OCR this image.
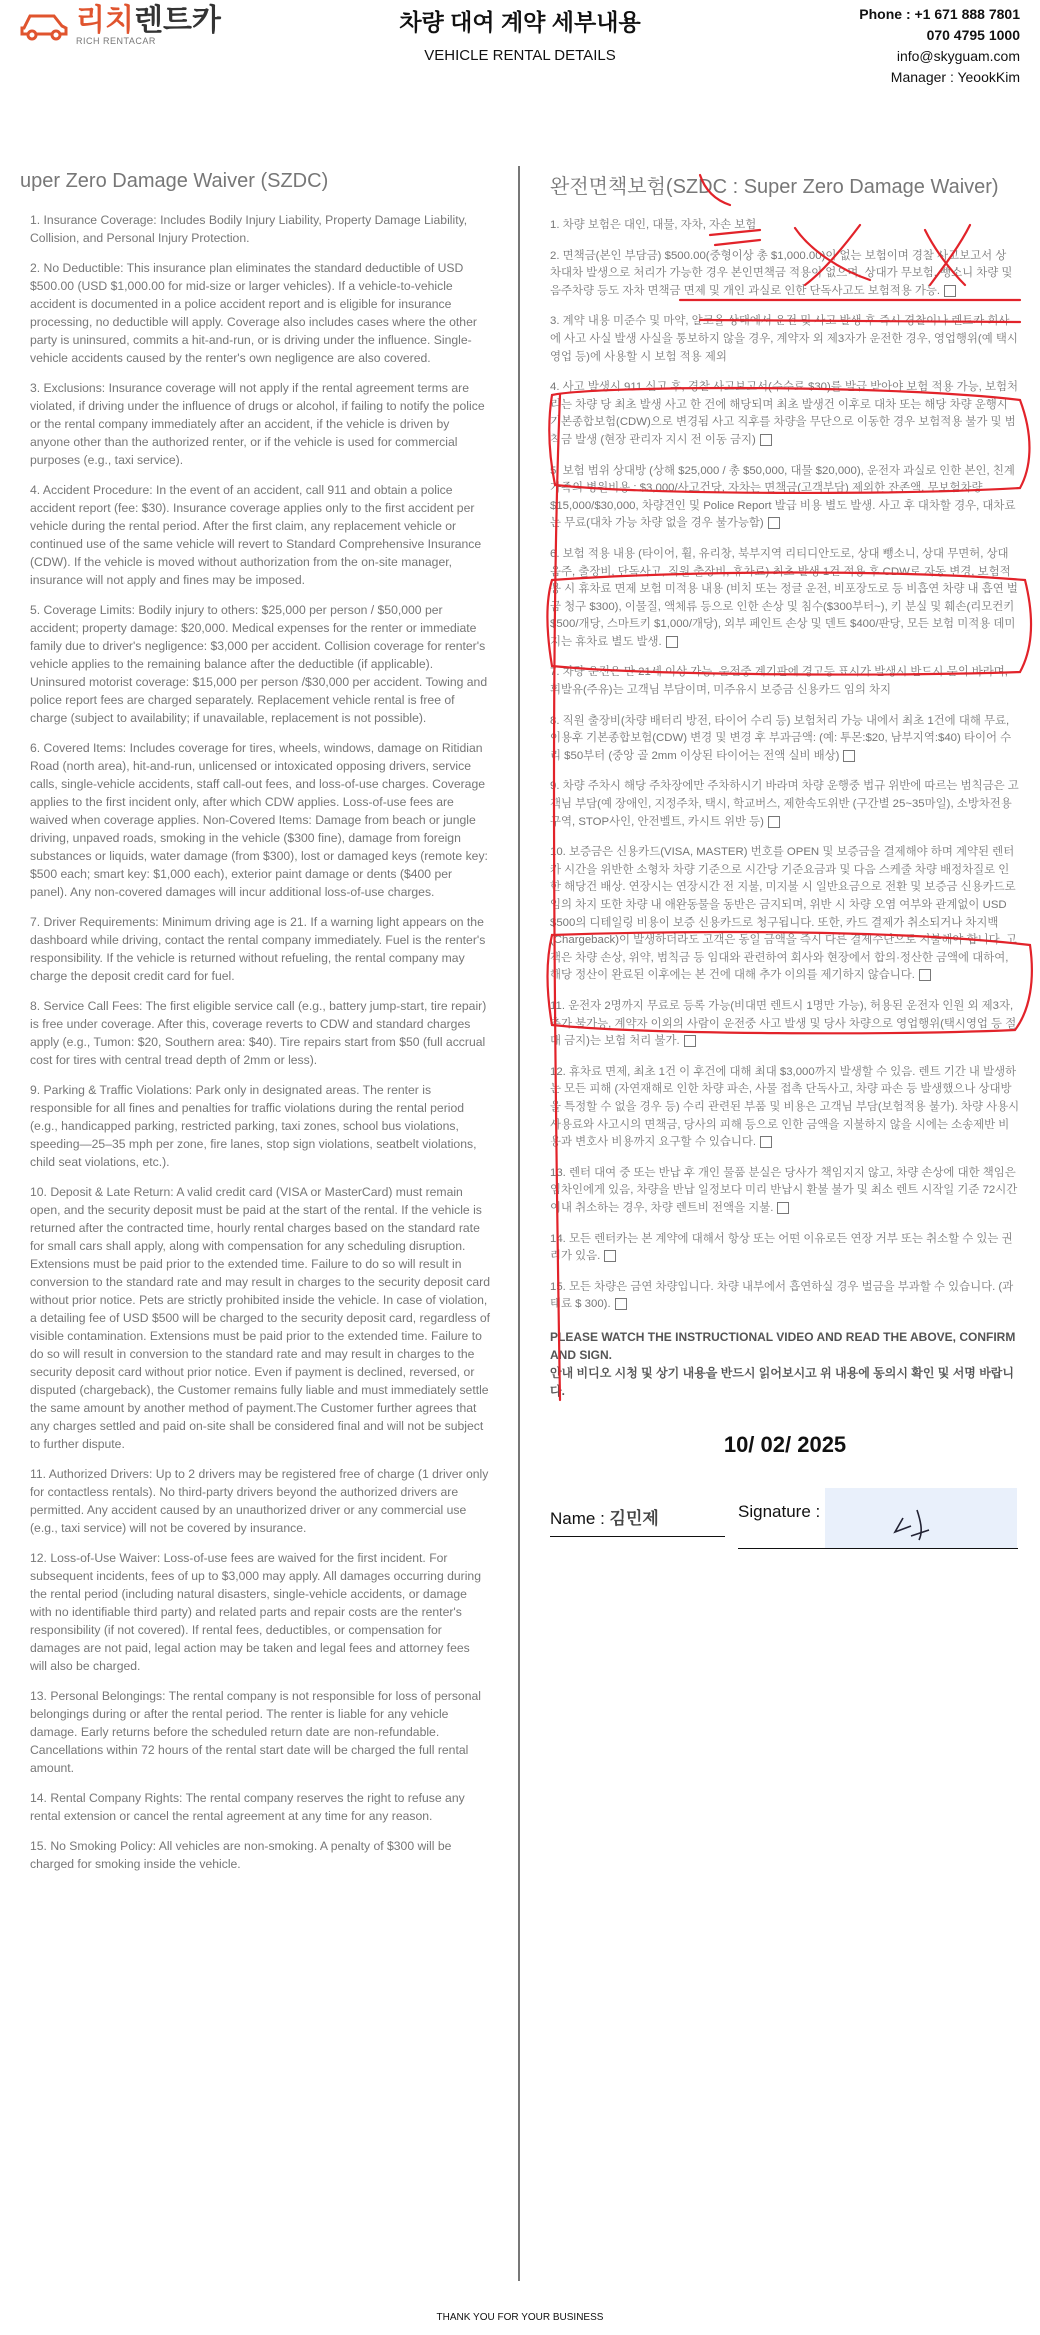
리치렌트카
RICH RENTACAR
차량 대여 계약 세부내용
VEHICLE RENTAL DETAILS
Phone : +1 671 888 7801
070 4795 1000
info@skyguam.com
Manager : YeookKim
uper Zero Damage Waiver (SZDC)

1. Insurance Coverage: Includes Bodily Injury Liability, Property Damage Liability, Collision, and Personal Injury Protection.

2. No Deductible: This insurance plan eliminates the standard deductible of USD $500.00 (USD $1,000.00 for mid-size or larger vehicles). If a vehicle-to-vehicle accident is documented in a police accident report and is eligible for insurance processing, no deductible will apply. Coverage also includes cases where the other party is uninsured, commits a hit-and-run, or is driving under the influence. Single-vehicle accidents caused by the renter's own negligence are also covered.

3. Exclusions: Insurance coverage will not apply if the rental agreement terms are violated, if driving under the influence of drugs or alcohol, if failing to notify the police or the rental company immediately after an accident, if the vehicle is driven by anyone other than the authorized renter, or if the vehicle is used for commercial purposes (e.g., taxi service).

4. Accident Procedure: In the event of an accident, call 911 and obtain a police accident report (fee: $30). Insurance coverage applies only to the first accident per vehicle during the rental period. After the first claim, any replacement vehicle or continued use of the same vehicle will revert to Standard Comprehensive Insurance (CDW). If the vehicle is moved without authorization from the on-site manager, insurance will not apply and fines may be imposed.

5. Coverage Limits: Bodily injury to others: $25,000 per person / $50,000 per accident; property damage: $20,000. Medical expenses for the renter or immediate family due to driver's negligence: $3,000 per accident. Collision coverage for renter's vehicle applies to the remaining balance after the deductible (if applicable). Uninsured motorist coverage: $15,000 per person /$30,000 per accident. Towing and police report fees are charged separately. Replacement vehicle rental is free of charge (subject to availability; if unavailable, replacement is not possible).

6. Covered Items: Includes coverage for tires, wheels, windows, damage on Ritidian Road (north area), hit-and-run, unlicensed or intoxicated opposing drivers, service calls, single-vehicle accidents, staff call-out fees, and loss-of-use charges. Coverage applies to the first incident only, after which CDW applies. Loss-of-use fees are waived when coverage applies. Non-Covered Items: Damage from beach or jungle driving, unpaved roads, smoking in the vehicle ($300 fine), damage from foreign substances or liquids, water damage (from $300), lost or damaged keys (remote key: $500 each; smart key: $1,000 each), exterior paint damage or dents ($400 per panel). Any non-covered damages will incur additional loss-of-use charges.

7. Driver Requirements: Minimum driving age is 21. If a warning light appears on the dashboard while driving, contact the rental company immediately. Fuel is the renter's responsibility. If the vehicle is returned without refueling, the rental company may charge the deposit credit card for fuel.

8. Service Call Fees: The first eligible service call (e.g., battery jump-start, tire repair) is free under coverage. After this, coverage reverts to CDW and standard charges apply (e.g., Tumon: $20, Southern area: $40). Tire repairs start from $50 (full accrual cost for tires with central tread depth of 2mm or less).

9. Parking & Traffic Violations: Park only in designated areas. The renter is responsible for all fines and penalties for traffic violations during the rental period (e.g., handicapped parking, restricted parking, taxi zones, school bus violations, speeding—25–35 mph per zone, fire lanes, stop sign violations, seatbelt violations, child seat violations, etc.).

10. Deposit & Late Return: A valid credit card (VISA or MasterCard) must remain open, and the security deposit must be paid at the start of the rental. If the vehicle is returned after the contracted time, hourly rental charges based on the standard rate for small cars shall apply, along with compensation for any scheduling disruption. Extensions must be paid prior to the extended time. Failure to do so will result in conversion to the standard rate and may result in charges to the security deposit card without prior notice. Pets are strictly prohibited inside the vehicle. In case of violation, a detailing fee of USD $500 will be charged to the security deposit card, regardless of visible contamination. Extensions must be paid prior to the extended time. Failure to do so will result in conversion to the standard rate and may result in charges to the security deposit card without prior notice. Even if payment is declined, reversed, or disputed (chargeback), the Customer remains fully liable and must immediately settle the same amount by another method of payment.The Customer further agrees that any charges settled and paid on-site shall be considered final and will not be subject to further dispute.

11. Authorized Drivers: Up to 2 drivers may be registered free of charge (1 driver only for contactless rentals). No third-party drivers beyond the authorized drivers are permitted. Any accident caused by an unauthorized driver or any commercial use (e.g., taxi service) will not be covered by insurance.

12. Loss-of-Use Waiver: Loss-of-use fees are waived for the first incident. For subsequent incidents, fees of up to $3,000 may apply. All damages occurring during the rental period (including natural disasters, single-vehicle accidents, or damage with no identifiable third party) and related parts and repair costs are the renter's responsibility (if not covered). If rental fees, deductibles, or compensation for damages are not paid, legal action may be taken and legal fees and attorney fees will also be charged.

13. Personal Belongings: The rental company is not responsible for loss of personal belongings during or after the rental period. The renter is liable for any vehicle damage. Early returns before the scheduled return date are non-refundable. Cancellations within 72 hours of the rental start date will be charged the full rental amount.

14. Rental Company Rights: The rental company reserves the right to refuse any rental extension or cancel the rental agreement at any time for any reason.

15. No Smoking Policy: All vehicles are non-smoking. A penalty of $300 will be charged for smoking inside the vehicle.

완전면책보험(SZDC : Super Zero Damage Waiver)

1. 차량 보험은 대인, 대물, 자차, 자손 보험

2. 면책금(본인 부담금) $500.00(중형이상 총 $1,000.00)이 없는 보험이며 경찰 사고보고서 상 차대차 발생으로 처리가 가능한 경우 본인면책금 적용이 없으며, 상대가 무보험, 뺑소니 차량 및 음주차량 등도 자차 면책금 면제 및 개인 과실로 인한 단독사고도 보험적용 가능.

3. 계약 내용 미준수 및 마약, 알코올 상태에서 운전 및 사고 발생 후 즉시 경찰이나 렌트카 회사에 사고 사실 발생 사실을 통보하지 않을 경우, 계약자 외 제3자가 운전한 경우, 영업행위(예 택시영업 등)에 사용할 시 보험 적용 제외

4. 사고 발생시 911 신고 후, 경찰 사고보고서(수수료 $30)를 발급 받아야 보험 적용 가능, 보험처리는 차량 당 최초 발생 사고 한 건에 해당되며 최초 발생건 이후로 대차 또는 해당 차량 운행시 기본종합보험(CDW)으로 변경됨 사고 직후를 차량을 무단으로 이동한 경우 보험적용 불가 및 범칙금 발생 (현장 관리자 지시 전 이동 금지)

5. 보험 범위 상대방 (상해 $25,000 / 총 $50,000, 대물 $20,000), 운전자 과실로 인한 본인, 친계 가족의 병원비용 : $3,000/사고건당, 자차는 면책금(고객부담) 제외한 잔존액, 무보험차량 $15,000/$30,000, 차량견인 및 Police Report 발급 비용 별도 발생. 사고 후 대차할 경우, 대차료는 무료(대차 가능 차량 없을 경우 불가능함)

6. 보험 적용 내용 (타이어, 휠, 유리창, 북부지역 리티디안도로, 상대 뺑소니, 상대 무면허, 상대 음주, 출장비, 단독사고, 직원 출장비, 휴차료) 최초 발생 1건 적용 후 CDW로 자동 변경, 보험적용 시 휴차료 면제 보험 미적용 내용 (비치 또는 정글 운전, 비포장도로 등 비흡연 차량 내 흡연 벌금 청구 $300), 이물질, 액체류 등으로 인한 손상 및 침수($300부터~), 키 분실 및 훼손(리모컨키 $500/개당, 스마트키 $1,000/개당), 외부 페인트 손상 및 덴트 $400/판당, 모든 보험 미적용 데미지는 휴차료 별도 발생.

7. 차량 운전은 만 21세 이상 가능, 운전중 계기판에 경고등 표시가 발생시 반드시 문의 바라며, 휘발유(주유)는 고객님 부담이며, 미주유시 보증금 신용카드 임의 차지

8. 직원 출장비(차량 배터리 방전, 타이어 수리 등) 보험처리 가능 내에서 최초 1건에 대해 무료, 이용후 기본종합보험(CDW) 변경 및 변경 후 부과금액: (예: 투몬:$20, 남부지역:$40) 타이어 수리 $50부터 (중앙 골 2mm 이상된 타이어는 전액 실비 배상)

9. 차량 주차시 해당 주차장에만 주차하시기 바라며 차량 운행중 법규 위반에 따르는 범칙금은 고객님 부담(예 장애인, 지정주차, 택시, 학교버스, 제한속도위반 (구간별 25~35마일), 소방차전용구역, STOP사인, 안전벨트, 카시트 위반 등)

10. 보증금은 신용카드(VISA, MASTER) 번호를 OPEN 및 보증금을 결제해야 하며 계약된 렌터카 시간을 위반한 소형차 차량 기준으로 시간당 기준요금과 및 다음 스케줄 차량 배정차질로 인한 해당건 배상. 연장시는 연장시간 전 지불, 미지불 시 일반요금으로 전환 및 보증금 신용카드로 임의 차지 또한 차량 내 애완동물을 동반은 금지되며, 위반 시 차량 오염 여부와 관계없이 USD $500의 디테일링 비용이 보증 신용카드로 청구됩니다. 또한, 카드 결제가 취소되거나 차지백(Chargeback)이 발생하더라도 고객은 동일 금액을 즉시 다른 결제수단으로 지불해야 합니다. 고객은 차량 손상, 위약, 범칙금 등 임대와 관련하여 회사와 현장에서 합의·정산한 금액에 대하여, 해당 정산이 완료된 이후에는 본 건에 대해 추가 이의를 제기하지 않습니다.

11. 운전자 2명까지 무료로 등록 가능(비대면 렌트시 1명만 가능), 허용된 운전자 인원 외 제3자, 추가 불가능, 계약자 이외의 사람이 운전중 사고 발생 및 당사 차량으로 영업행위(택시영업 등 절대 금지)는 보험 처리 불가.

12. 휴차료 면제, 최초 1건 이 후건에 대해 최대 $3,000까지 발생할 수 있음. 렌트 기간 내 발생하는 모든 피해 (자연재해로 인한 차량 파손, 사물 접촉 단독사고, 차량 파손 등 발생했으나 상대방을 특정할 수 없을 경우 등) 수리 관련된 부품 및 비용은 고객님 부담(보험적용 불가). 차량 사용시 사용료와 사고시의 면책금, 당사의 피해 등으로 인한 금액을 지불하지 않을 시에는 소송제반 비용과 변호사 비용까지 요구할 수 있습니다.

13. 렌터 대여 중 또는 반납 후 개인 물품 분실은 당사가 책임지지 않고, 차량 손상에 대한 책임은 임차인에게 있음, 차량을 반납 일정보다 미리 반납시 환불 불가 및 최소 렌트 시작일 기준 72시간 이내 취소하는 경우, 차량 렌트비 전액을 지불.

14. 모든 렌터카는 본 계약에 대해서 항상 또는 어떤 이유로든 연장 거부 또는 취소할 수 있는 권리가 있음.

15. 모든 차량은 금연 차량입니다. 차량 내부에서 흡연하실 경우 벌금을 부과할 수 있습니다. (과태료 $ 300).

PLEASE WATCH THE INSTRUCTIONAL VIDEO AND READ THE ABOVE, CONFIRM AND SIGN.
안내 비디오 시청 및 상기 내용을 반드시 읽어보시고 위 내용에 동의시 확인 및 서명 바랍니다.
10/ 02/ 2025
Name : 김민제	Signature :
THANK YOU FOR YOUR BUSINESS
